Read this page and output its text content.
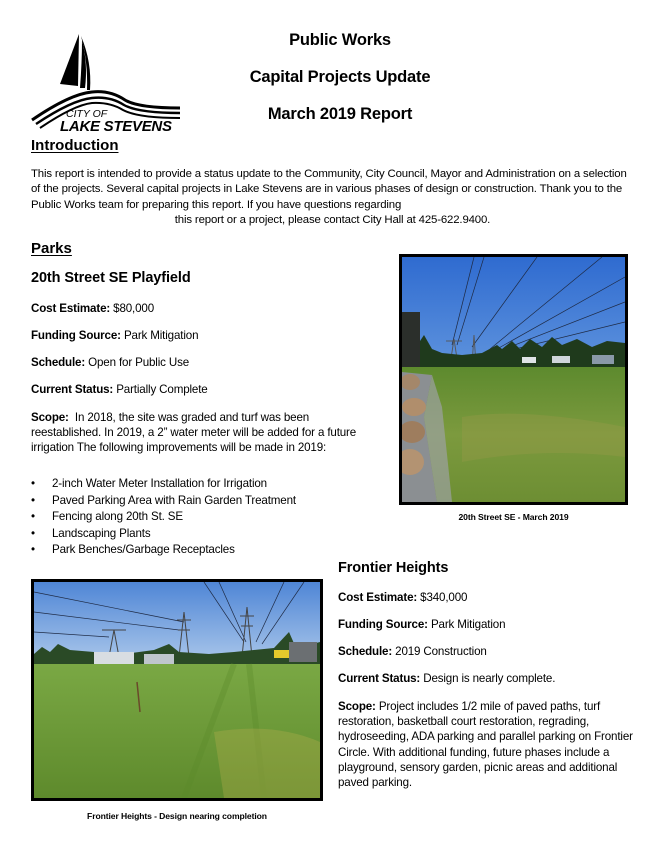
CITY OF
LAKE STEVENS
Public Works
Capital Projects Update
March 2019 Report
Introduction
This report is intended to provide a status update to the Community, City Council, Mayor and Administration on a selection of the projects. Several capital projects in Lake Stevens are in various phases of design or construction. Thank you to the Public Works team for preparing this report. If you have questions regarding
this report or a project, please contact City Hall at 425-622.9400.
Parks
20th Street SE Playfield
Cost Estimate: $80,000
Funding Source: Park Mitigation
Schedule: Open for Public Use
Current Status: Partially Complete
Scope: In 2018, the site was graded and turf was been reestablished. In 2019, a 2” water meter will be added for a future irrigation The following improvements will be made in 2019:
• 2-inch Water Meter Installation for Irrigation
• Paved Parking Area with Rain Garden Treatment
• Fencing along 20th St. SE
• Landscaping Plants
• Park Benches/Garbage Receptacles
20th Street SE - March 2019
Frontier Heights
Cost Estimate: $340,000
Funding Source: Park Mitigation
Schedule: 2019 Construction
Current Status: Design is nearly complete.
Scope: Project includes 1/2 mile of paved paths, turf restoration, basketball court restoration, regrading, hydroseeding, ADA parking and parallel parking on Frontier Circle. With additional funding, future phases include a playground, sensory garden, picnic areas and additional paved parking.
Frontier Heights - Design nearing completion
